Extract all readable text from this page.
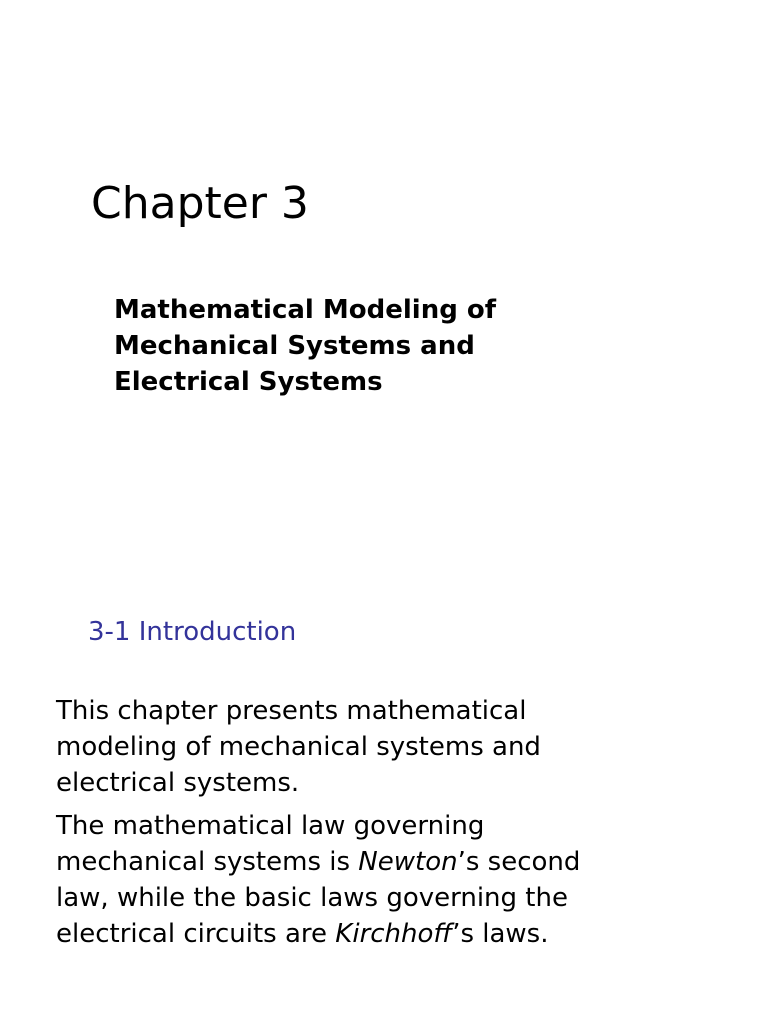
Chapter 3
Mathematical Modeling of
Mechanical Systems and
Electrical Systems
3-1 Introduction

This chapter presents mathematical
modeling of mechanical systems and
electrical systems.

The mathematical law governing
mechanical systems is Newton’s second
law, while the basic laws governing the
electrical circuits are Kirchhoff’s laws.
